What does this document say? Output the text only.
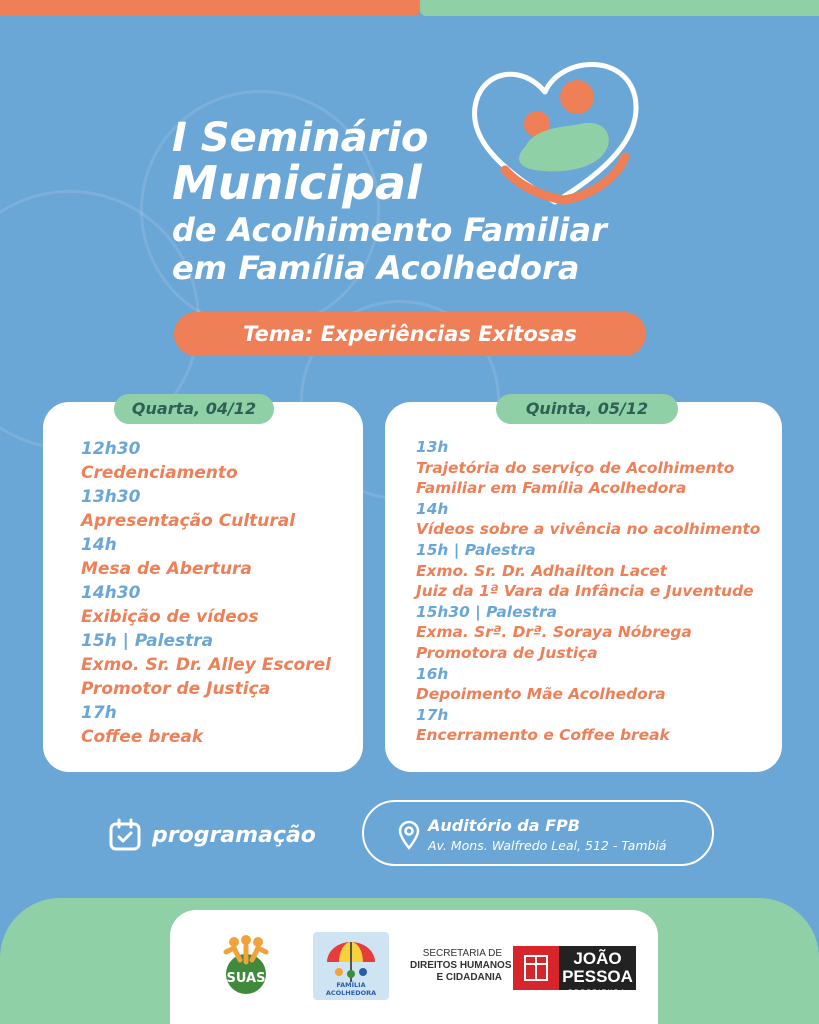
I Seminário
Municipal
de Acolhimento Familiar
em Família Acolhedora
Tema: Experiências Exitosas
Quarta, 04/12	Quinta, 05/12
12h30
Credenciamento
13h30
Apresentação Cultural
14h
Mesa de Abertura
14h30
Exibição de vídeos
15h | Palestra
Exmo. Sr. Dr. Alley Escorel
Promotor de Justiça
17h
Coffee break
13h
Trajetória do serviço de Acolhimento
Familiar em Família Acolhedora
14h
Vídeos sobre a vivência no acolhimento
15h | Palestra
Exmo. Sr. Dr. Adhailton Lacet
Juiz da 1ª Vara da Infância e Juventude
15h30 | Palestra
Exma. Srª. Drª. Soraya Nóbrega
Promotora de Justiça
16h
Depoimento Mãe Acolhedora
17h
Encerramento e Coffee break
programação	Auditório da FPB
Av. Mons. Walfredo Leal, 512 - Tambiá
SUAS	FAMÍLIA ACOLHEDORA
SECRETARIA DE
DIREITOS HUMANOS
E CIDADANIA
JOÃO PESSOA
PREFEITURA
